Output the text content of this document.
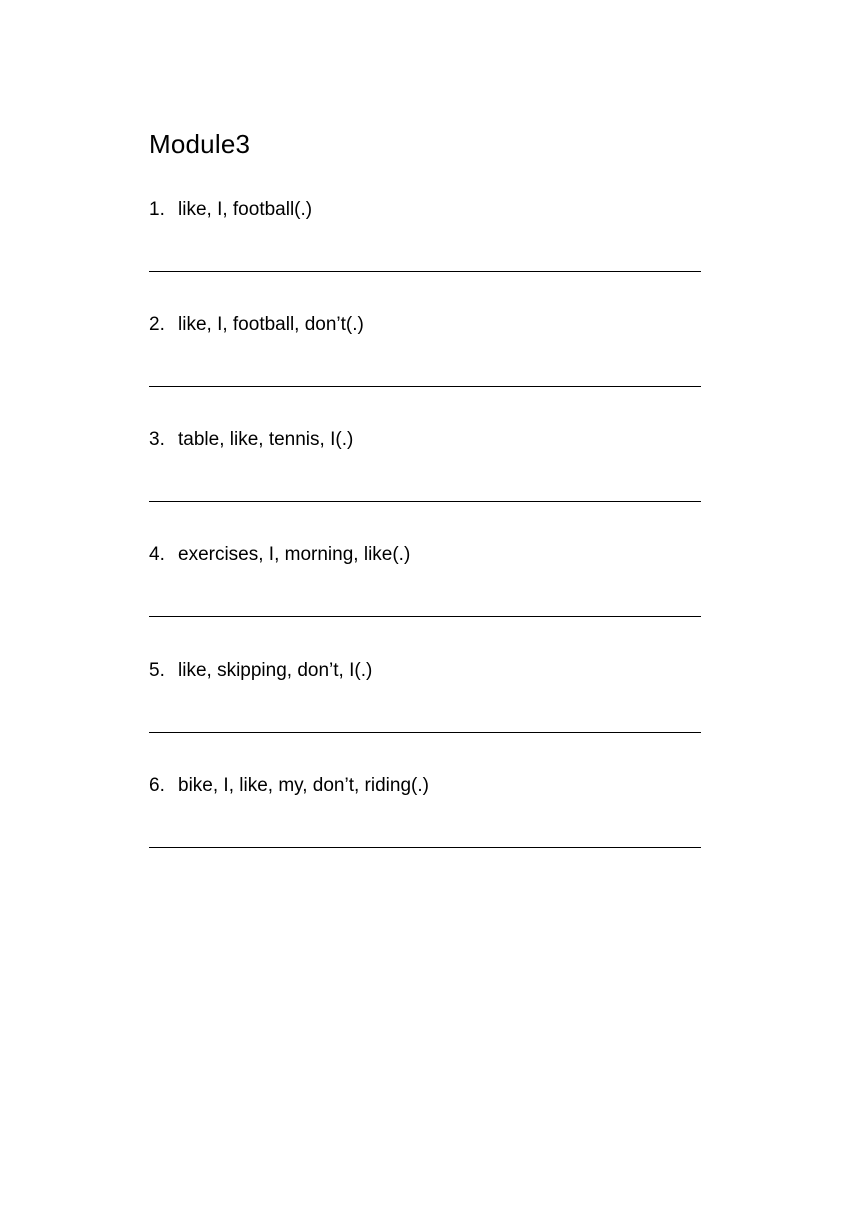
Module3
1. like, I, football(.)
2. like, I, football, don’t(.)
3. table, like, tennis, I(.)
4. exercises, I, morning, like(.)
5. like, skipping, don’t, I(.)
6. bike, I, like, my, don’t, riding(.)
